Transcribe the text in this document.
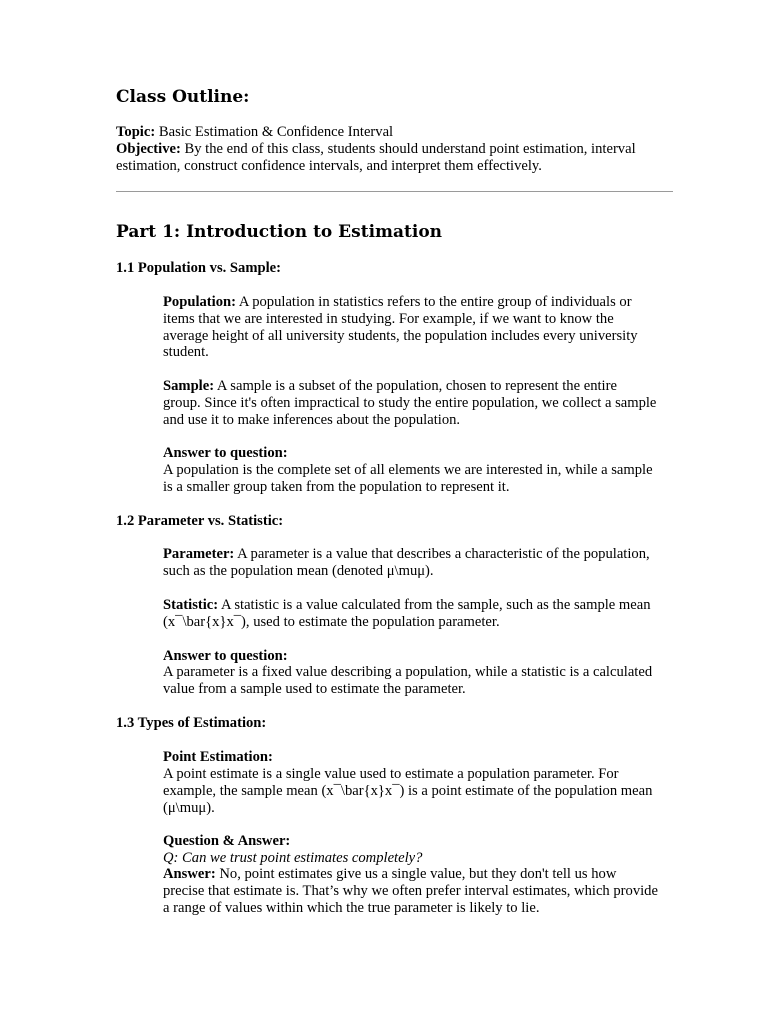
Class Outline:
Topic: Basic Estimation & Confidence Interval
Objective: By the end of this class, students should understand point estimation, interval estimation, construct confidence intervals, and interpret them effectively.
Part 1: Introduction to Estimation
1.1 Population vs. Sample:
Population: A population in statistics refers to the entire group of individuals or items that we are interested in studying. For example, if we want to know the average height of all university students, the population includes every university student.
Sample: A sample is a subset of the population, chosen to represent the entire group. Since it's often impractical to study the entire population, we collect a sample and use it to make inferences about the population.
Answer to question:
A population is the complete set of all elements we are interested in, while a sample is a smaller group taken from the population to represent it.
1.2 Parameter vs. Statistic:
Parameter: A parameter is a value that describes a characteristic of the population, such as the population mean (denoted μ\muμ).
Statistic: A statistic is a value calculated from the sample, such as the sample mean (x¯\bar{x}x¯), used to estimate the population parameter.
Answer to question:
A parameter is a fixed value describing a population, while a statistic is a calculated value from a sample used to estimate the parameter.
1.3 Types of Estimation:
Point Estimation:
A point estimate is a single value used to estimate a population parameter. For example, the sample mean (x¯\bar{x}x¯) is a point estimate of the population mean (μ\muμ).
Question & Answer:
Q: Can we trust point estimates completely?
Answer: No, point estimates give us a single value, but they don't tell us how precise that estimate is. That’s why we often prefer interval estimates, which provide a range of values within which the true parameter is likely to lie.
